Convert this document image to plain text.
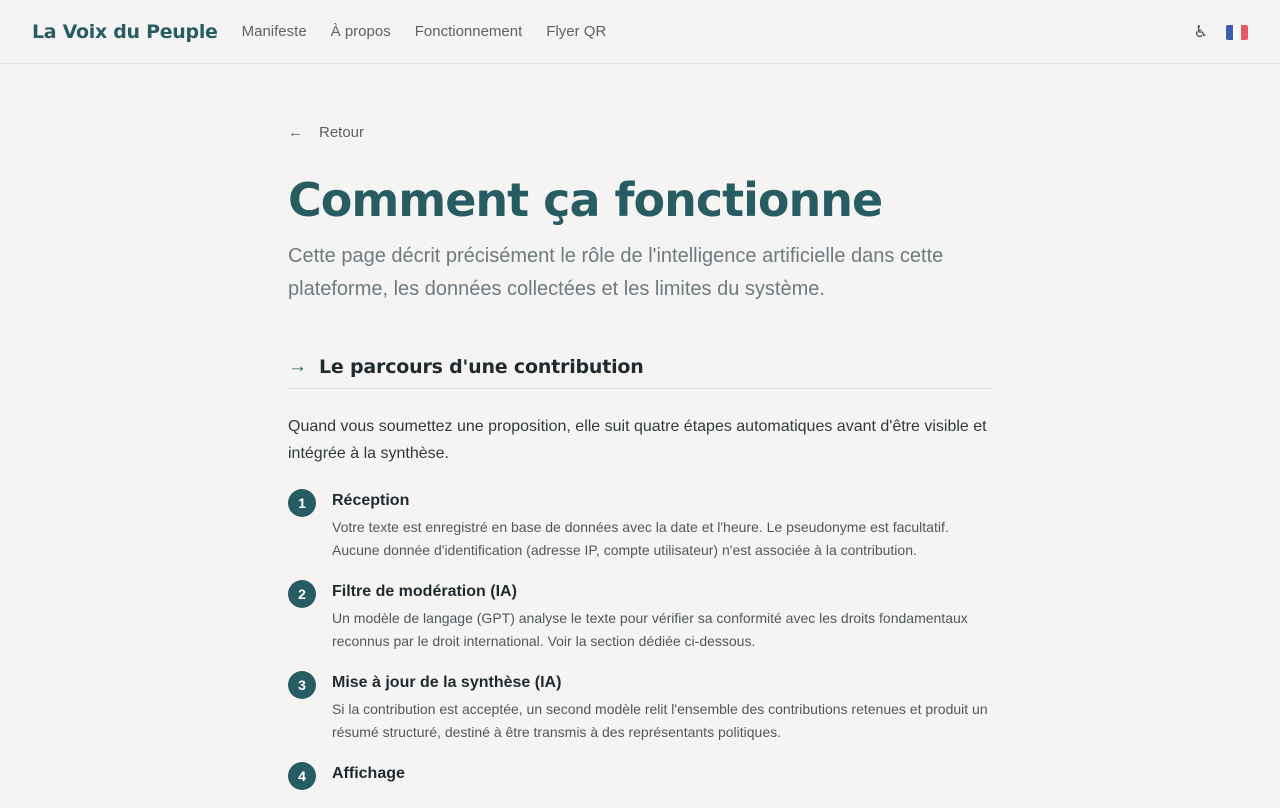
La Voix du Peuple Manifeste À propos Fonctionnement Flyer QR	♿
← Retour
Comment ça fonctionne

Cette page décrit précisément le rôle de l'intelligence artificielle dans cette plateforme, les données collectées et les limites du système.

→ Le parcours d'une contribution

Quand vous soumettez une proposition, elle suit quatre étapes automatiques avant d'être visible et intégrée à la synthèse.

1	Réception

Votre texte est enregistré en base de données avec la date et l'heure. Le pseudonyme est facultatif. Aucune donnée d'identification (adresse IP, compte utilisateur) n'est associée à la contribution.

2	Filtre de modération (IA)

Un modèle de langage (GPT) analyse le texte pour vérifier sa conformité avec les droits fondamentaux reconnus par le droit international. Voir la section dédiée ci-dessous.

3	Mise à jour de la synthèse (IA)

Si la contribution est acceptée, un second modèle relit l'ensemble des contributions retenues et produit un résumé structuré, destiné à être transmis à des représentants politiques.

4	Affichage
